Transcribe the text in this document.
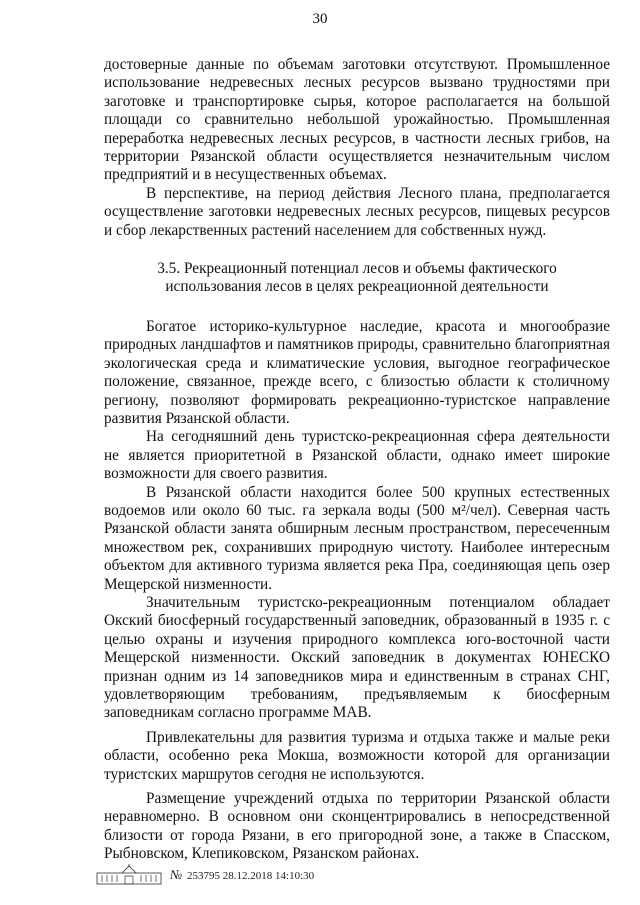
30

достоверные данные по объемам заготовки отсутствуют. Промышленное использование недревесных лесных ресурсов вызвано трудностями при заготовке и транспортировке сырья, которое располагается на большой площади со сравнительно небольшой урожайностью. Промышленная переработка недревесных лесных ресурсов, в частности лесных грибов, на территории Рязанской области осуществляется незначительным числом предприятий и в несущественных объемах.

В перспективе, на период действия Лесного плана, предполагается осуществление заготовки недревесных лесных ресурсов, пищевых ресурсов и сбор лекарственных растений населением для собственных нужд.

3.5. Рекреационный потенциал лесов и объемы фактического
использования лесов в целях рекреационной деятельности

Богатое историко-культурное наследие, красота и многообразие природных ландшафтов и памятников природы, сравнительно благоприятная экологическая среда и климатические условия, выгодное географическое положение, связанное, прежде всего, с близостью области к столичному региону, позволяют формировать рекреационно-туристское направление развития Рязанской области.

На сегодняшний день туристско-рекреационная сфера деятельности не является приоритетной в Рязанской области, однако имеет широкие возможности для своего развития.

В Рязанской области находится более 500 крупных естественных водоемов или около 60 тыс. га зеркала воды (500 м²/чел). Северная часть Рязанской области занята обширным лесным пространством, пересеченным множеством рек, сохранивших природную чистоту. Наиболее интересным объектом для активного туризма является река Пра, соединяющая цепь озер Мещерской низменности.

Значительным туристско-рекреационным потенциалом обладает Окский биосферный государственный заповедник, образованный в 1935 г. с целью охраны и изучения природного комплекса юго-восточной части Мещерской низменности. Окский заповедник в документах ЮНЕСКО признан одним из 14 заповедников мира и единственным в странах СНГ, удовлетворяющим требованиям, предъявляемым к биосферным заповедникам согласно программе МАВ.

Привлекательны для развития туризма и отдыха также и малые реки области, особенно река Мокша, возможности которой для организации туристских маршрутов сегодня не используются.

Размещение учреждений отдыха по территории Рязанской области неравномерно. В основном они сконцентрировались в непосредственной близости от города Рязани, в его пригородной зоне, а также в Спасском, Рыбновском, Клепиковском, Рязанском районах.

№ 253795 28.12.2018 14:10:30
